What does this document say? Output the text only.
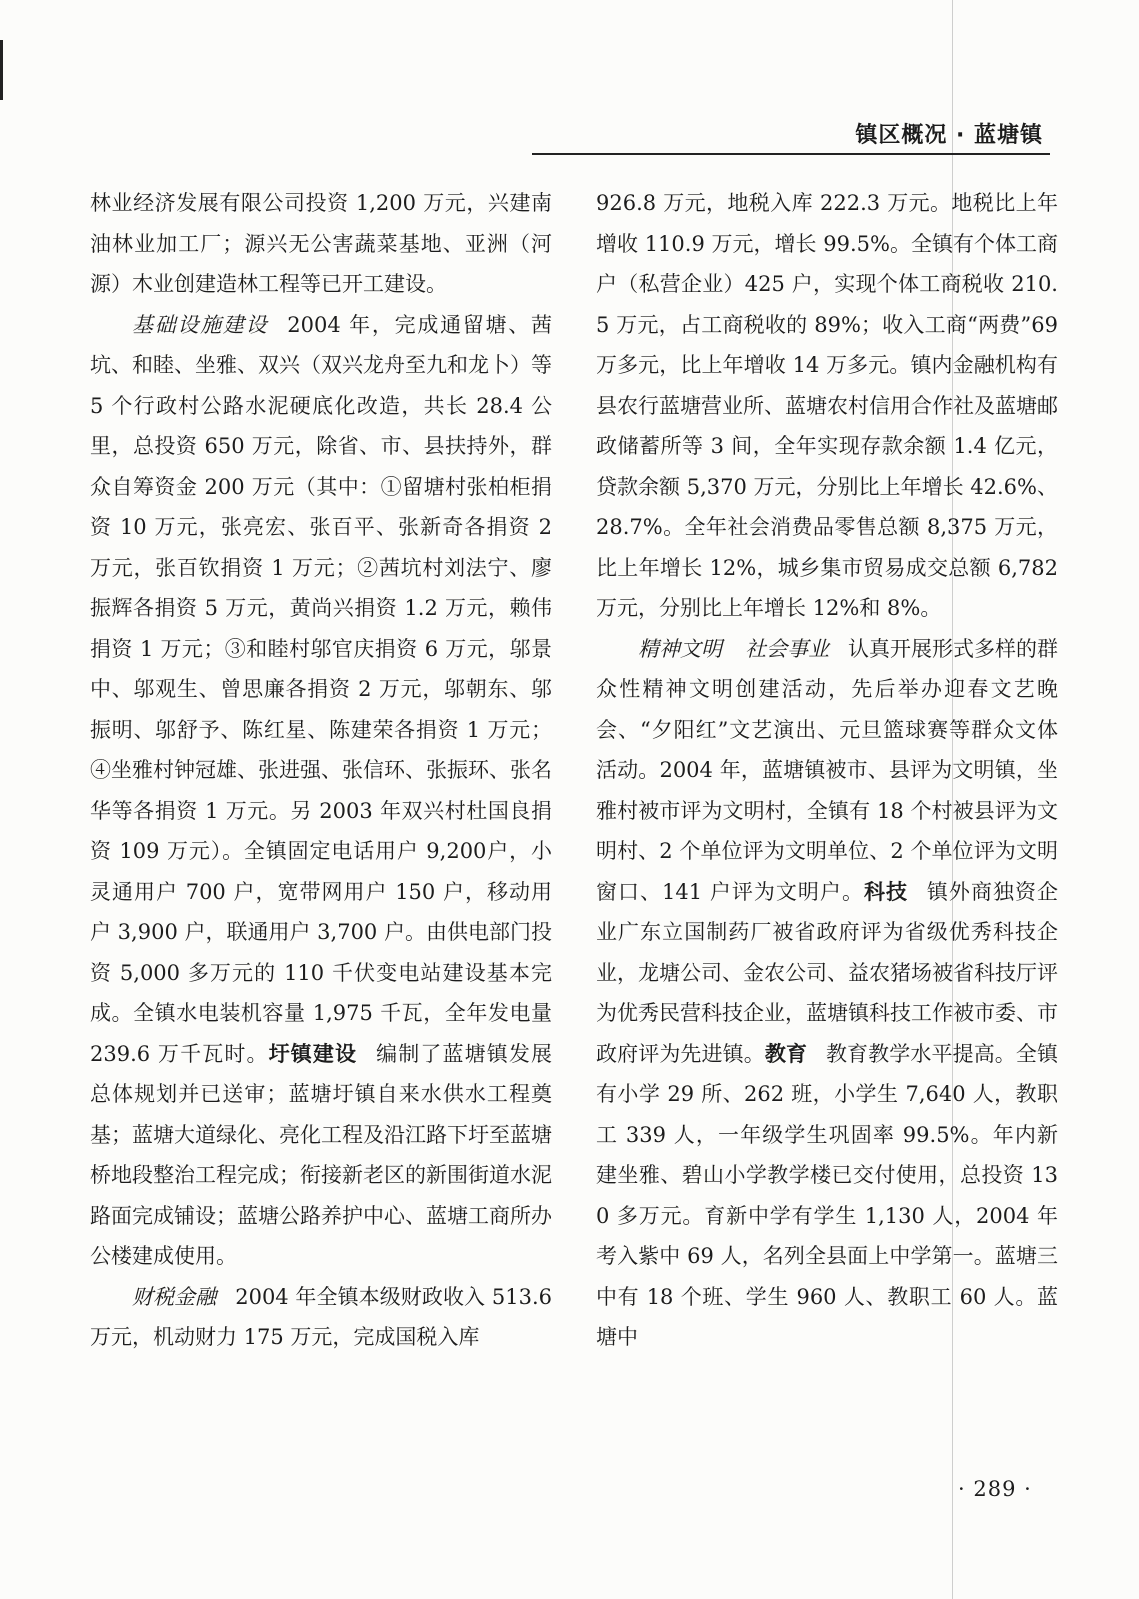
镇区概况 · 蓝塘镇

林业经济发展有限公司投资 1,200 万元，兴建南油林业加工厂；源兴无公害蔬菜基地、亚洲（河源）木业创建造林工程等已开工建设。

基础设施建设 2004 年，完成通留塘、茜坑、和睦、坐雅、双兴（双兴龙舟至九和龙卜）等 5 个行政村公路水泥硬底化改造，共长 28.4 公里，总投资 650 万元，除省、市、县扶持外，群众自筹资金 200 万元（其中：①留塘村张柏柜捐资 10 万元，张亮宏、张百平、张新奇各捐资 2 万元，张百钦捐资 1 万元；②茜坑村刘法宁、廖振辉各捐资 5 万元，黄尚兴捐资 1.2 万元，赖伟捐资 1 万元；③和睦村邬官庆捐资 6 万元，邬景中、邬观生、曾思廉各捐资 2 万元，邬朝东、邬振明、邬舒予、陈红星、陈建荣各捐资 1 万元；④坐雅村钟冠雄、张进强、张信环、张振环、张名华等各捐资 1 万元。另 2003 年双兴村杜国良捐资 109 万元）。全镇固定电话用户 9,200户，小灵通用户 700 户，宽带网用户 150 户，移动用户 3,900 户，联通用户 3,700 户。由供电部门投资 5,000 多万元的 110 千伏变电站建设基本完成。全镇水电装机容量 1,975 千瓦，全年发电量 239.6 万千瓦时。圩镇建设 编制了蓝塘镇发展总体规划并已送审；蓝塘圩镇自来水供水工程奠基；蓝塘大道绿化、亮化工程及沿江路下圩至蓝塘桥地段整治工程完成；衔接新老区的新围街道水泥路面完成铺设；蓝塘公路养护中心、蓝塘工商所办公楼建成使用。

财税金融 2004 年全镇本级财政收入 513.6 万元，机动财力 175 万元，完成国税入库

926.8 万元，地税入库 222.3 万元。地税比上年增收 110.9 万元，增长 99.5%。全镇有个体工商户（私营企业）425 户，实现个体工商税收 210.5 万元，占工商税收的 89%；收入工商“两费”69 万多元，比上年增收 14 万多元。镇内金融机构有县农行蓝塘营业所、蓝塘农村信用合作社及蓝塘邮政储蓄所等 3 间，全年实现存款余额 1.4 亿元，贷款余额 5,370 万元，分别比上年增长 42.6%、28.7%。全年社会消费品零售总额 8,375 万元，比上年增长 12%，城乡集市贸易成交总额 6,782 万元，分别比上年增长 12%和 8%。

精神文明 社会事业 认真开展形式多样的群众性精神文明创建活动，先后举办迎春文艺晚会、“夕阳红”文艺演出、元旦篮球赛等群众文体活动。2004 年，蓝塘镇被市、县评为文明镇，坐雅村被市评为文明村，全镇有 18 个村被县评为文明村、2 个单位评为文明单位、2 个单位评为文明窗口、141 户评为文明户。科技 镇外商独资企业广东立国制药厂被省政府评为省级优秀科技企业，龙塘公司、金农公司、益农猪场被省科技厅评为优秀民营科技企业，蓝塘镇科技工作被市委、市政府评为先进镇。教育 教育教学水平提高。全镇有小学 29 所、262 班，小学生 7,640 人，教职工 339 人，一年级学生巩固率 99.5%。年内新建坐雅、碧山小学教学楼已交付使用，总投资 130 多万元。育新中学有学生 1,130 人，2004 年考入紫中 69 人，名列全县面上中学第一。蓝塘三中有 18 个班、学生 960 人、教职工 60 人。蓝塘中

· 289 ·
